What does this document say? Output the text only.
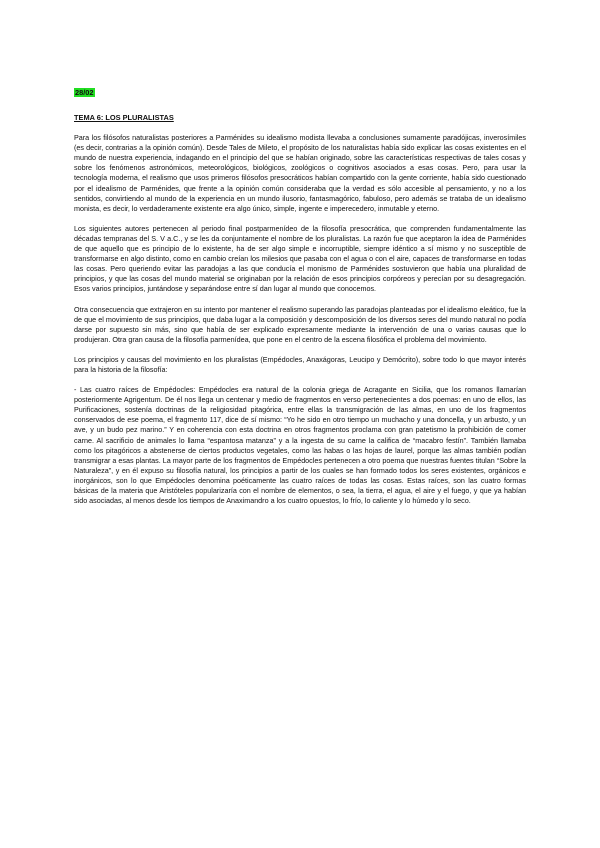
28/02
TEMA 6: LOS PLURALISTAS

Para los filósofos naturalistas posteriores a Parménides su idealismo modista llevaba a conclusiones sumamente paradójicas, inverosímiles (es decir, contrarias a la opinión común). Desde Tales de Mileto, el propósito de los naturalistas había sido explicar las cosas existentes en el mundo de nuestra experiencia, indagando en el principio del que se habían originado, sobre las características respectivas de tales cosas y sobre los fenómenos astronómicos, meteorológicos, biológicos, zoológicos o cognitivos asociados a esas cosas. Pero, para usar la tecnología moderna, el realismo que usos primeros filósofos presocráticos habían compartido con la gente corriente, había sido cuestionado por el idealismo de Parménides, que frente a la opinión común consideraba que la verdad es sólo accesible al pensamiento, y no a los sentidos, convirtiendo al mundo de la experiencia en un mundo ilusorio, fantasmagórico, fabuloso, pero además se trataba de un idealismo monista, es decir, lo verdaderamente existente era algo único, simple, ingente e imperecedero, inmutable y eterno.

Los siguientes autores pertenecen al periodo final postparmenídeo de la filosofía presocrática, que comprenden fundamentalmente las décadas tempranas del S. V a.C., y se les da conjuntamente el nombre de los pluralistas. La razón fue que aceptaron la idea de Parménides de que aquello que es principio de lo existente, ha de ser algo simple e incorruptible, siempre idéntico a sí mismo y no susceptible de transformarse en algo distinto, como en cambio creían los milesios que pasaba con el agua o con el aire, capaces de transformarse en todas las cosas. Pero queriendo evitar las paradojas a las que conducía el monismo de Parménides sostuvieron que había una pluralidad de principios, y que las cosas del mundo material se originaban por la relación de esos principios corpóreos y perecían por su desagregación. Esos varios principios, juntándose y separándose entre sí dan lugar al mundo que conocemos.

Otra consecuencia que extrajeron en su intento por mantener el realismo superando las paradojas planteadas por el idealismo eleático, fue la de que el movimiento de sus principios, que daba lugar a la composición y descomposición de los diversos seres del mundo natural no podía darse por supuesto sin más, sino que había de ser explicado expresamente mediante la intervención de una o varias causas que lo produjeran. Otra gran causa de la filosofía parmenídea, que pone en el centro de la escena filosófica el problema del movimiento.

Los principios y causas del movimiento en los pluralistas (Empédocles, Anaxágoras, Leucipo y Demócrito), sobre todo lo que mayor interés para la historia de la filosofía:

- Las cuatro raíces de Empédocles: Empédocles era natural de la colonia griega de Acragante en Sicilia, que los romanos llamarían posteriormente Agrigentum. De él nos llega un centenar y medio de fragmentos en verso pertenecientes a dos poemas: en uno de ellos, las Purificaciones, sostenía doctrinas de la religiosidad pitagórica, entre ellas la transmigración de las almas, en uno de los fragmentos conservados de ese poema, el fragmento 117, dice de sí mismo: “Yo he sido en otro tiempo un muchacho y una doncella, y un arbusto, y un ave, y un budo pez marino.” Y en coherencia con esta doctrina en otros fragmentos proclama con gran patetismo la prohibición de comer carne. Al sacrificio de animales lo llama “espantosa matanza” y a la ingesta de su carne la califica de “macabro festín”. También llamaba como los pitagóricos a abstenerse de ciertos productos vegetales, como las habas o las hojas de laurel, porque las almas también podían transmigrar a esas plantas. La mayor parte de los fragmentos de Empédocles pertenecen a otro poema que nuestras fuentes titulan “Sobre la Naturaleza”, y en él expuso su filosofía natural, los principios a partir de los cuales se han formado todos los seres existentes, orgánicos e inorgánicos, son lo que Empédocles denomina poéticamente las cuatro raíces de todas las cosas. Estas raíces, son las cuatro formas básicas de la materia que Aristóteles popularizaría con el nombre de elementos, o sea, la tierra, el agua, el aire y el fuego, y que ya habían sido asociadas, al menos desde los tiempos de Anaximandro a los cuatro opuestos, lo frío, lo caliente y lo húmedo y lo seco.
